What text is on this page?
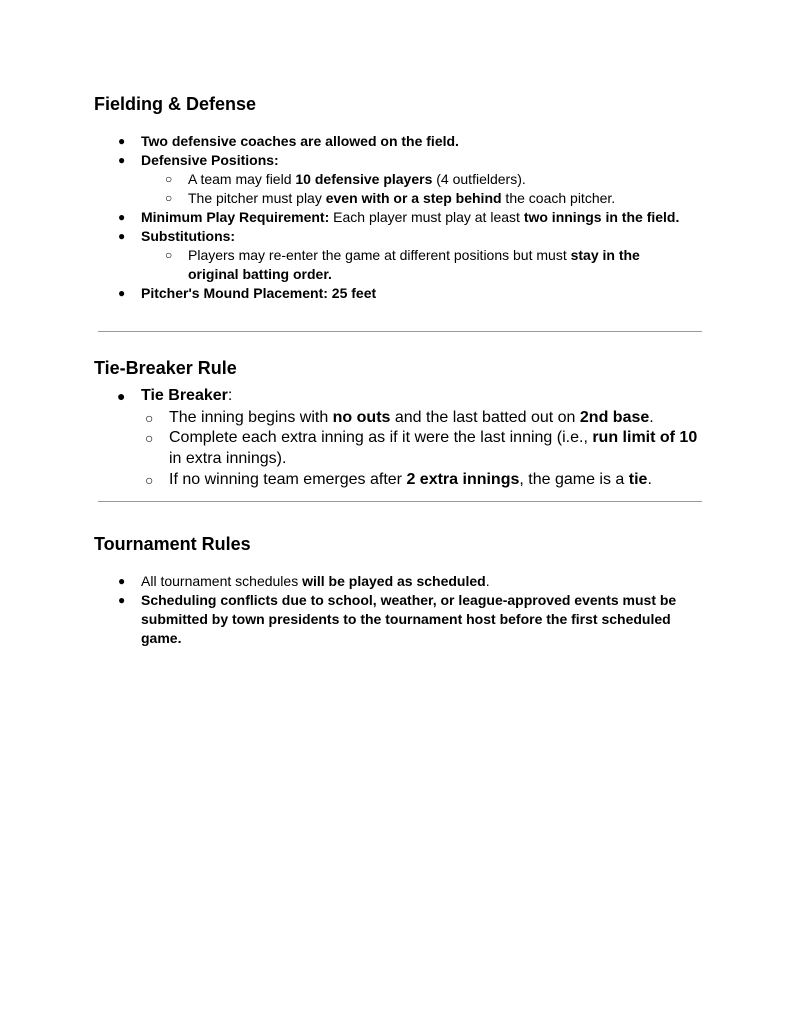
Fielding & Defense
● Two defensive coaches are allowed on the field.
● Defensive Positions:
○ A team may field 10 defensive players (4 outfielders).
○ The pitcher must play even with or a step behind the coach pitcher.
● Minimum Play Requirement: Each player must play at least two innings in the field.
● Substitutions:
○ Players may re-enter the game at different positions but must stay in the original batting order.
● Pitcher's Mound Placement: 25 feet
Tie-Breaker Rule
● Tie Breaker:
○ The inning begins with no outs and the last batted out on 2nd base.
○ Complete each extra inning as if it were the last inning (i.e., run limit of 10 in extra innings).
○ If no winning team emerges after 2 extra innings, the game is a tie.
Tournament Rules
● All tournament schedules will be played as scheduled.
● Scheduling conflicts due to school, weather, or league-approved events must be submitted by town presidents to the tournament host before the first scheduled game.
